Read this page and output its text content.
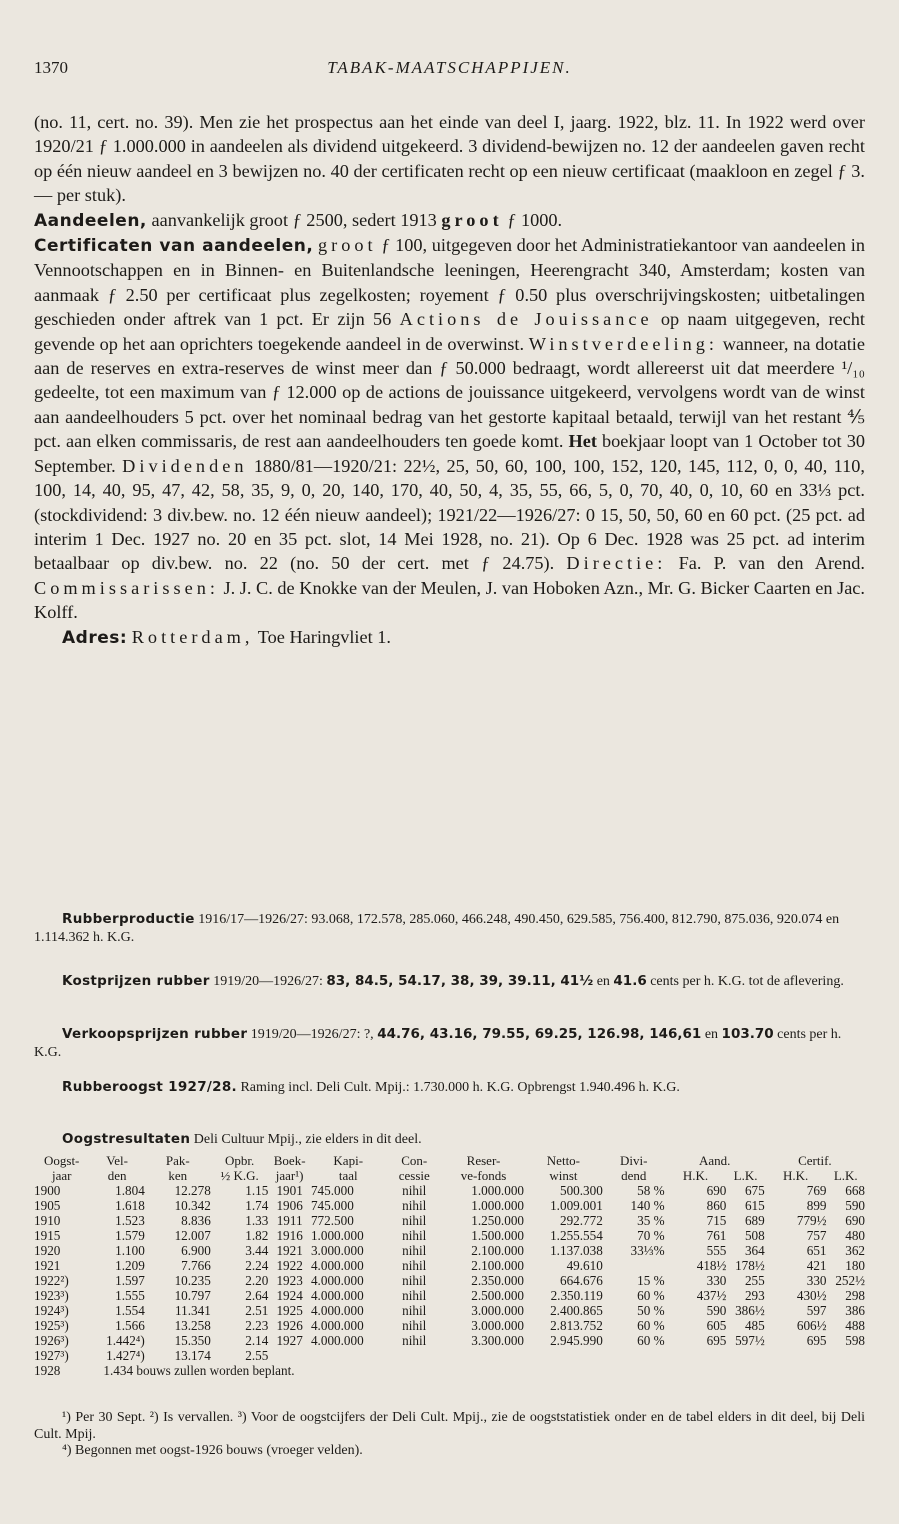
1370	TABAK-MAATSCHAPPIJEN.

(no. 11, cert. no. 39). Men zie het prospectus aan het einde van deel I, jaarg. 1922, blz. 11. In 1922 werd over 1920/21 ƒ 1.000.000 in aandeelen als dividend uitgekeerd. 3 dividend-bewijzen no. 12 der aandeelen gaven recht op één nieuw aandeel en 3 bewijzen no. 40 der certificaten recht op een nieuw certificaat (maakloon en zegel ƒ 3.— per stuk).

Aandeelen, aanvankelijk groot ƒ 2500, sedert 1913 groot ƒ 1000.

Certificaten van aandeelen, groot ƒ 100, uitgegeven door het Administratiekantoor van aandeelen in Vennootschappen en in Binnen- en Buitenlandsche leeningen, Heerengracht 340, Amsterdam; kosten van aanmaak ƒ 2.50 per certificaat plus zegelkosten; royement ƒ 0.50 plus overschrijvingskosten; uitbetalingen geschieden onder aftrek van 1 pct. Er zijn 56 Actions de Jouissance op naam uitgegeven, recht gevende op het aan oprichters toegekende aandeel in de overwinst. Winstverdeeling: wanneer, na dotatie aan de reserves en extra-reserves de winst meer dan ƒ 50.000 bedraagt, wordt allereerst uit dat meerdere ¹/₁₀ gedeelte, tot een maximum van ƒ 12.000 op de actions de jouissance uitgekeerd, vervolgens wordt van de winst aan aandeelhouders 5 pct. over het nominaal bedrag van het gestorte kapitaal betaald, terwijl van het restant ⅘ pct. aan elken commissaris, de rest aan aandeelhouders ten goede komt. Het boekjaar loopt van 1 October tot 30 September. Dividenden 1880/81—1920/21: 22½, 25, 50, 60, 100, 100, 152, 120, 145, 112, 0, 0, 40, 110, 100, 14, 40, 95, 47, 42, 58, 35, 9, 0, 20, 140, 170, 40, 50, 4, 35, 55, 66, 5, 0, 70, 40, 0, 10, 60 en 33⅓ pct. (stockdividend: 3 div.bew. no. 12 één nieuw aandeel); 1921/22—1926/27: 0 15, 50, 50, 60 en 60 pct. (25 pct. ad interim 1 Dec. 1927 no. 20 en 35 pct. slot, 14 Mei 1928, no. 21). Op 6 Dec. 1928 was 25 pct. ad interim betaalbaar op div.bew. no. 22 (no. 50 der cert. met ƒ 24.75). Directie: Fa. P. van den Arend. Commissarissen: J. J. C. de Knokke van der Meulen, J. van Hoboken Azn., Mr. G. Bicker Caarten en Jac. Kolff.

Adres: Rotterdam, Toe Haringvliet 1.

Rubberproductie 1916/17—1926/27: 93.068, 172.578, 285.060, 466.248, 490.450, 629.585, 756.400, 812.790, 875.036, 920.074 en 1.114.362 h. K.G.
Kostprijzen rubber 1919/20—1926/27: 83, 84.5, 54.17, 38, 39, 39.11, 41½ en 41.6 cents per h. K.G. tot de aflevering.
Verkoopsprijzen rubber 1919/20—1926/27: ?, 44.76, 43.16, 79.55, 69.25, 126.98, 146,61 en 103.70 cents per h. K.G.
Rubberoogst 1927/28. Raming incl. Deli Cult. Mpij.: 1.730.000 h. K.G. Opbrengst 1.940.496 h. K.G.
Oogstresultaten Deli Cultuur Mpij., zie elders in dit deel.
Oogst-	Vel-	Pak-	Opbr.	Boek-	Kapi-	Con-	Reser-	Netto-	Divi-	Aand.		Certif.	
jaar	den	ken	½ K.G.	jaar¹)	taal	cessie	ve-fonds	winst	dend	H.K.	L.K.	H.K.	L.K.
1900	1.804	12.278	1.15	1901	745.000	nihil	1.000.000	500.300	58 %	690	675	769	668
1905	1.618	10.342	1.74	1906	745.000	nihil	1.000.000	1.009.001	140 %	860	615	899	590
1910	1.523	8.836	1.33	1911	772.500	nihil	1.250.000	292.772	35 %	715	689	779½	690
1915	1.579	12.007	1.82	1916	1.000.000	nihil	1.500.000	1.255.554	70 %	761	508	757	480
1920	1.100	6.900	3.44	1921	3.000.000	nihil	2.100.000	1.137.038	33⅓%	555	364	651	362
1921	1.209	7.766	2.24	1922	4.000.000	nihil	2.100.000	49.610		418½	178½	421	180
1922²)	1.597	10.235	2.20	1923	4.000.000	nihil	2.350.000	664.676	15 %	330	255	330	252½
1923³)	1.555	10.797	2.64	1924	4.000.000	nihil	2.500.000	2.350.119	60 %	437½	293	430½	298
1924³)	1.554	11.341	2.51	1925	4.000.000	nihil	3.000.000	2.400.865	50 %	590	386½	597	386
1925³)	1.566	13.258	2.23	1926	4.000.000	nihil	3.000.000	2.813.752	60 %	605	485	606½	488
1926³)	1.442⁴)	15.350	2.14	1927	4.000.000	nihil	3.300.000	2.945.990	60 %	695	597½	695	598
1927³)	1.427⁴)	13.174	2.55										
1928	1.434 bouws zullen worden beplant.												

¹) Per 30 Sept. ²) Is vervallen. ³) Voor de oogstcijfers der Deli Cult. Mpij., zie de oogststatistiek onder en de tabel elders in dit deel, bij Deli Cult. Mpij.

⁴) Begonnen met oogst-1926 bouws (vroeger velden).
